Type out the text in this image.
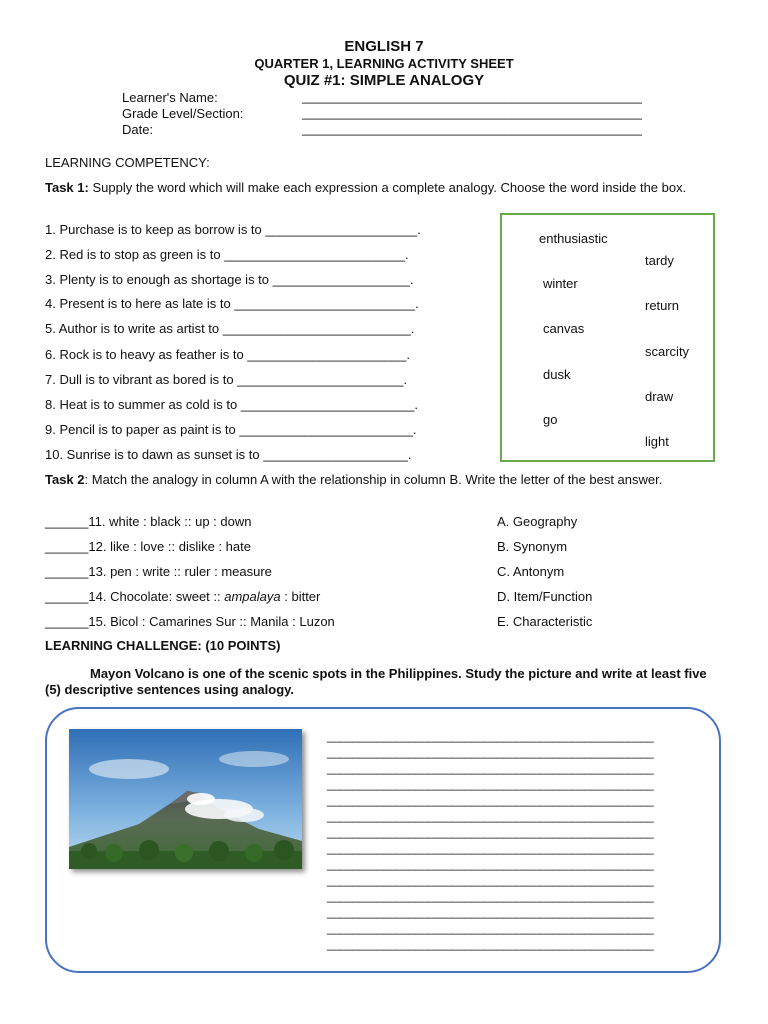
ENGLISH 7
QUARTER 1, LEARNING ACTIVITY SHEET
QUIZ #1: SIMPLE ANALOGY
Learner's Name:	_______________________________________________
Grade Level/Section:	_______________________________________________
Date:	_______________________________________________
LEARNING COMPETENCY:
Task 1: Supply the word which will make each expression a complete analogy. Choose the word inside the box.
1. Purchase is to keep as borrow is to _____________________.
2. Red is to stop as green is to _________________________.
3. Plenty is to enough as shortage is to ___________________.
4. Present is to here as late is to _________________________.
5. Author is to write as artist to __________________________.
6. Rock is to heavy as feather is to ______________________.
7. Dull is to vibrant as bored is to _______________________.
8. Heat is to summer as cold is to ________________________.
9. Pencil is to paper as paint is to ________________________.
10. Sunrise is to dawn as sunset is to ____________________.
enthusiastic
tardy
winter
return
canvas
scarcity
dusk
draw
go
light
Task 2: Match the analogy in column A with the relationship in column B. Write the letter of the best answer.
______11. white : black :: up : down
______12. like : love :: dislike : hate
______13. pen : write :: ruler : measure
______14. Chocolate: sweet :: ampalaya : bitter
______15. Bicol : Camarines Sur :: Manila : Luzon
A. Geography
B. Synonym
C. Antonym
D. Item/Function
E. Characteristic
LEARNING CHALLENGE: (10 POINTS)
Mayon Volcano is one of the scenic spots in the Philippines. Study the picture and write at least five (5) descriptive sentences using analogy.
____________________________________________________
____________________________________________________
____________________________________________________
____________________________________________________
____________________________________________________
____________________________________________________
____________________________________________________
____________________________________________________
____________________________________________________
____________________________________________________
____________________________________________________
____________________________________________________
____________________________________________________
____________________________________________________
